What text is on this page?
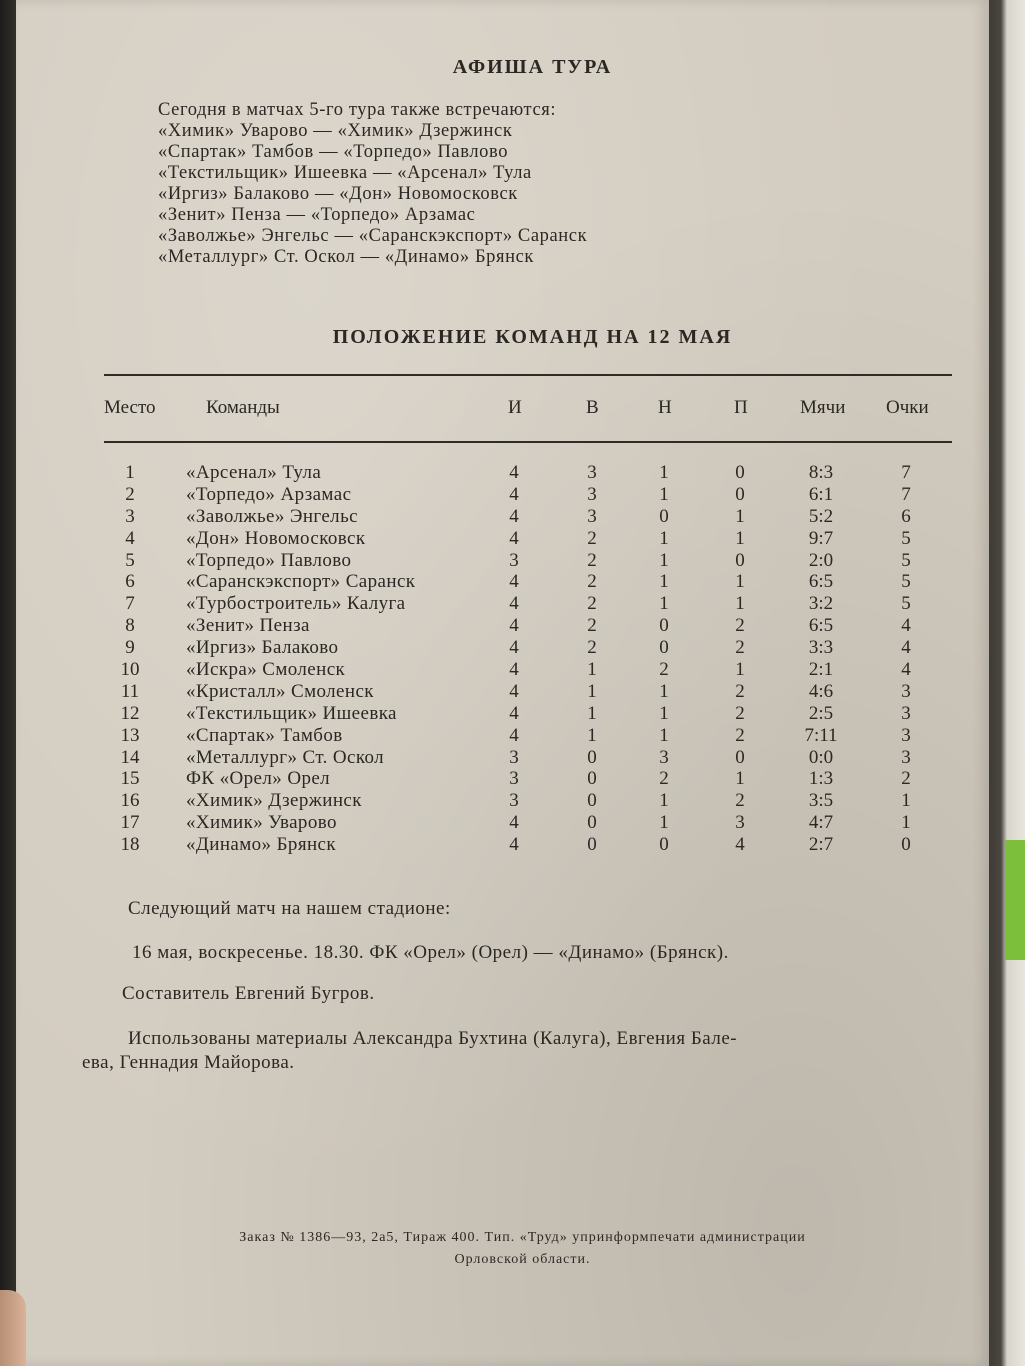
АФИША ТУРА
Сегодня в матчах 5-го тура также встречаются:
«Химик» Уварово — «Химик» Дзержинск
«Спартак» Тамбов — «Торпедо» Павлово
«Текстильщик» Ишеевка — «Арсенал» Тула
«Иргиз» Балаково — «Дон» Новомосковск
«Зенит» Пенза — «Торпедо» Арзамас
«Заволжье» Энгельс — «Саранскэкспорт» Саранск
«Металлург» Ст. Оскол — «Динамо» Брянск
ПОЛОЖЕНИЕ КОМАНД НА 12 МАЯ
Место	Команды	И	В	Н	П	Мячи Очки
1	«Арсенал» Тула	4	3	1	0	8:3	7
2	«Торпедо» Арзамас	4	3	1	0	6:1	7
3	«Заволжье» Энгельс	4	3	0	1	5:2	6
4	«Дон» Новомосковск	4	2	1	1	9:7	5
5	«Торпедо» Павлово	3	2	1	0	2:0	5
6	«Саранскэкспорт» Саранск	4	2	1	1	6:5	5
7	«Турбостроитель» Калуга	4	2	1	1	3:2	5
8	«Зенит» Пенза	4	2	0	2	6:5	4
9	«Иргиз» Балаково	4	2	0	2	3:3	4
10	«Искра» Смоленск	4	1	2	1	2:1	4
11	«Кристалл» Смоленск	4	1	1	2	4:6	3
12	«Текстильщик» Ишеевка	4	1	1	2	2:5	3
13	«Спартак» Тамбов	4	1	1	2	7:11	3
14	«Металлург» Ст. Оскол	3	0	3	0	0:0	3
15	ФК «Орел» Орел	3	0	2	1	1:3	2
16	«Химик» Дзержинск	3	0	1	2	3:5	1
17	«Химик» Уварово	4	0	1	3	4:7	1
18	«Динамо» Брянск	4	0	0	4	2:7	0
Следующий матч на нашем стадионе:
16 мая, воскресенье. 18.30. ФК «Орел» (Орел) — «Динамо» (Брянск).
Составитель Евгений Бугров.
Использованы материалы Александра Бухтина (Калуга), Евгения Бале-
ева, Геннадия Майорова.
Заказ № 1386—93, 2а5, Тираж 400. Тип. «Труд» упринформпечати администрации
Орловской области.
